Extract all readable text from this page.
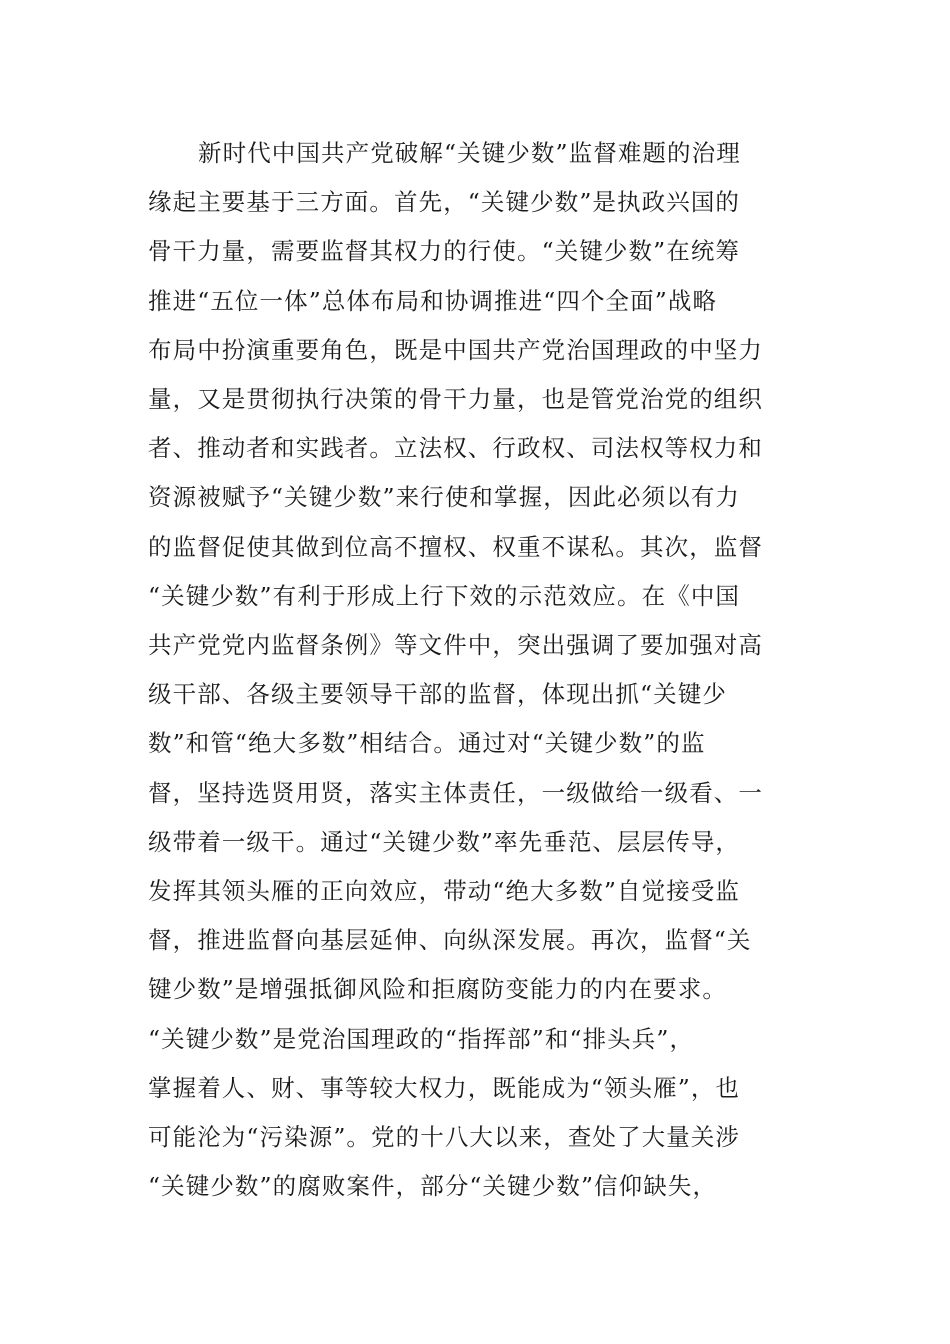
新时代中国共产党破解“关键少数”监督难题的治理
缘起主要基于三方面。首先，“关键少数”是执政兴国的
骨干力量，需要监督其权力的行使。“关键少数”在统筹
推进“五位一体”总体布局和协调推进“四个全面”战略
布局中扮演重要角色，既是中国共产党治国理政的中坚力
量，又是贯彻执行决策的骨干力量，也是管党治党的组织
者、推动者和实践者。立法权、行政权、司法权等权力和
资源被赋予“关键少数”来行使和掌握，因此必须以有力
的监督促使其做到位高不擅权、权重不谋私。其次，监督
“关键少数”有利于形成上行下效的示范效应。在《中国
共产党党内监督条例》等文件中，突出强调了要加强对高
级干部、各级主要领导干部的监督，体现出抓“关键少
数”和管“绝大多数”相结合。通过对“关键少数”的监
督，坚持选贤用贤，落实主体责任，一级做给一级看、一
级带着一级干。通过“关键少数”率先垂范、层层传导，
发挥其领头雁的正向效应，带动“绝大多数”自觉接受监
督，推进监督向基层延伸、向纵深发展。再次，监督“关
键少数”是增强抵御风险和拒腐防变能力的内在要求。
“关键少数”是党治国理政的“指挥部”和“排头兵”，
掌握着人、财、事等较大权力，既能成为“领头雁”，也
可能沦为“污染源”。党的十八大以来，查处了大量关涉
“关键少数”的腐败案件，部分“关键少数”信仰缺失，
